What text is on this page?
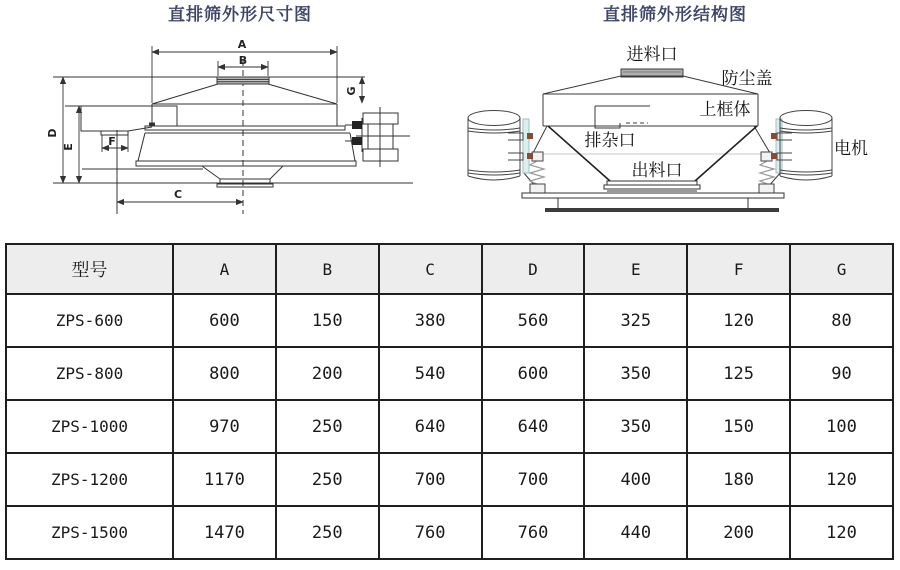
直排筛外形尺寸图
A
B
C
D
E	F
G
直排筛外形结构图
进料口
防尘盖
上框体
排杂口
出料口
电机
型号	A	B	C	D	E	F	G
ZPS-600	600	150	380	560	325	120	80
ZPS-800	800	200	540	600	350	125	90
ZPS-1000	970	250	640	640	350	150	100
ZPS-1200	1170	250	700	700	400	180	120
ZPS-1500	1470	250	760	760	440	200	120
